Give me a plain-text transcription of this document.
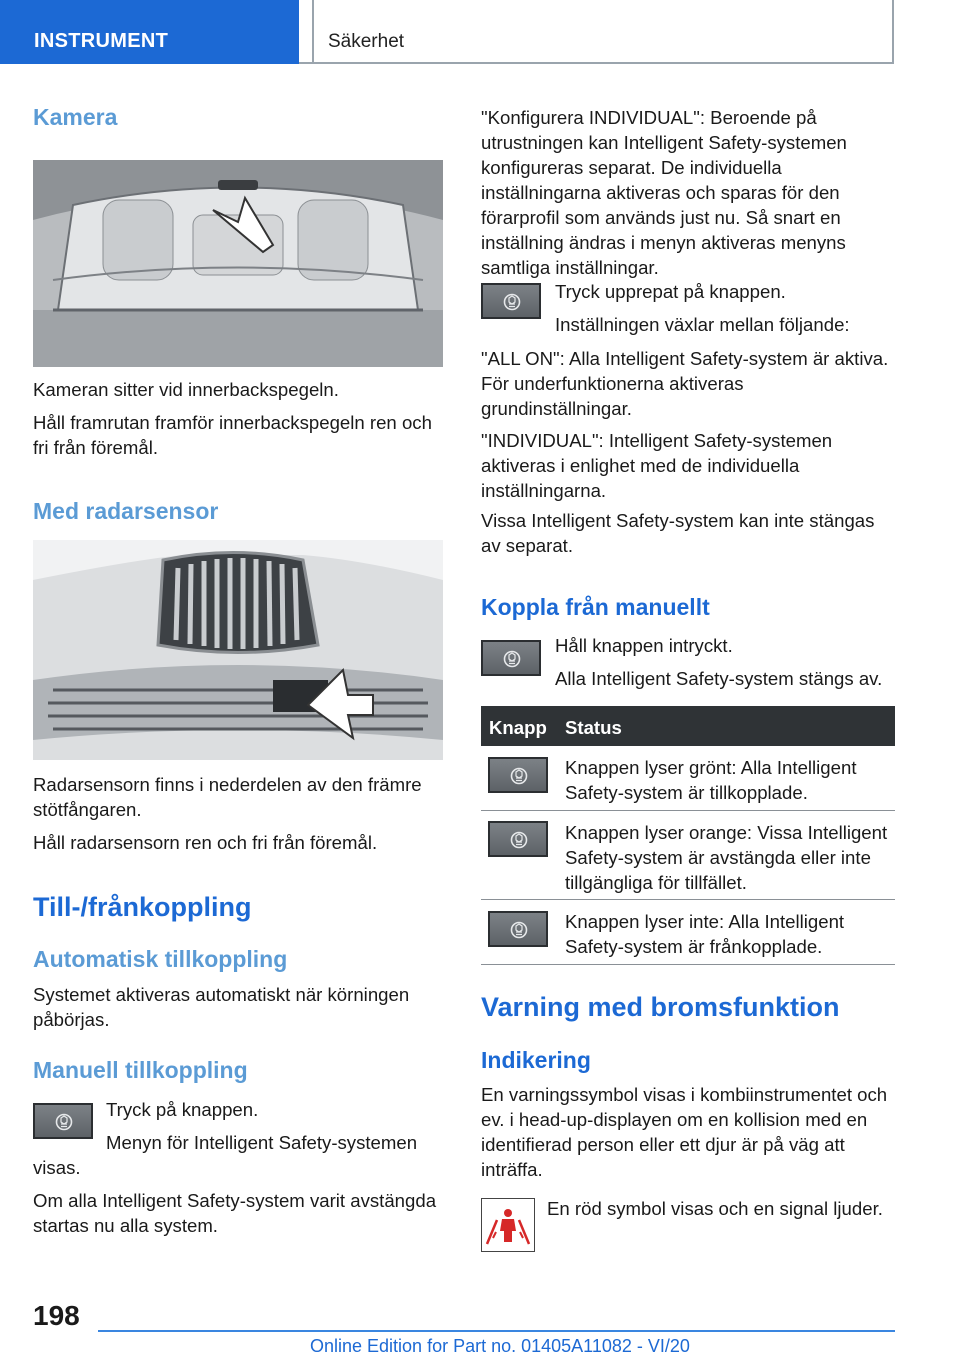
INSTRUMENT	Säkerhet
Kamera
Kameran sitter vid innerbackspegeln.
Håll framrutan framför innerbackspegeln ren och fri från föremål.
Med radarsensor
Radarsensorn finns i nederdelen av den främre stötfångaren.
Håll radarsensorn ren och fri från föremål.
Till-/frånkoppling
Automatisk tillkoppling
Systemet aktiveras automatiskt när körningen påbörjas.
Manuell tillkoppling
Tryck på knappen.
Menyn för Intelligent Safety-systemen
visas.
Om alla Intelligent Safety-system varit avstängda startas nu alla system.
"Konfigurera INDIVIDUAL": Beroende på utrustningen kan Intelligent Safety-systemen konfigureras separat. De individuella inställningarna aktiveras och sparas för den förarprofil som används just nu. Så snart en inställning ändras i menyn aktiveras menyns samtliga inställningar.
Tryck upprepat på knappen.
Inställningen växlar mellan följande:
"ALL ON": Alla Intelligent Safety-system är aktiva. För underfunktionerna aktiveras grundinställningar.
"INDIVIDUAL": Intelligent Safety-systemen aktiveras i enlighet med de individuella inställningarna.
Vissa Intelligent Safety-system kan inte stängas av separat.
Koppla från manuellt
Håll knappen intryckt.
Alla Intelligent Safety-system stängs av.
Knapp Status
Knappen lyser grönt: Alla Intelligent Safety-system är tillkopplade.
Knappen lyser orange: Vissa Intelligent Safety-system är avstängda eller inte tillgängliga för tillfället.
Knappen lyser inte: Alla Intelligent Safety-system är frånkopplade.
Varning med bromsfunktion
Indikering
En varningssymbol visas i kombiinstrumentet och ev. i head-up-displayen om en kollision med en identifierad person eller ett djur är på väg att inträffa.
En röd symbol visas och en signal ljuder.
198
Online Edition for Part no. 01405A11082 - VI/20
